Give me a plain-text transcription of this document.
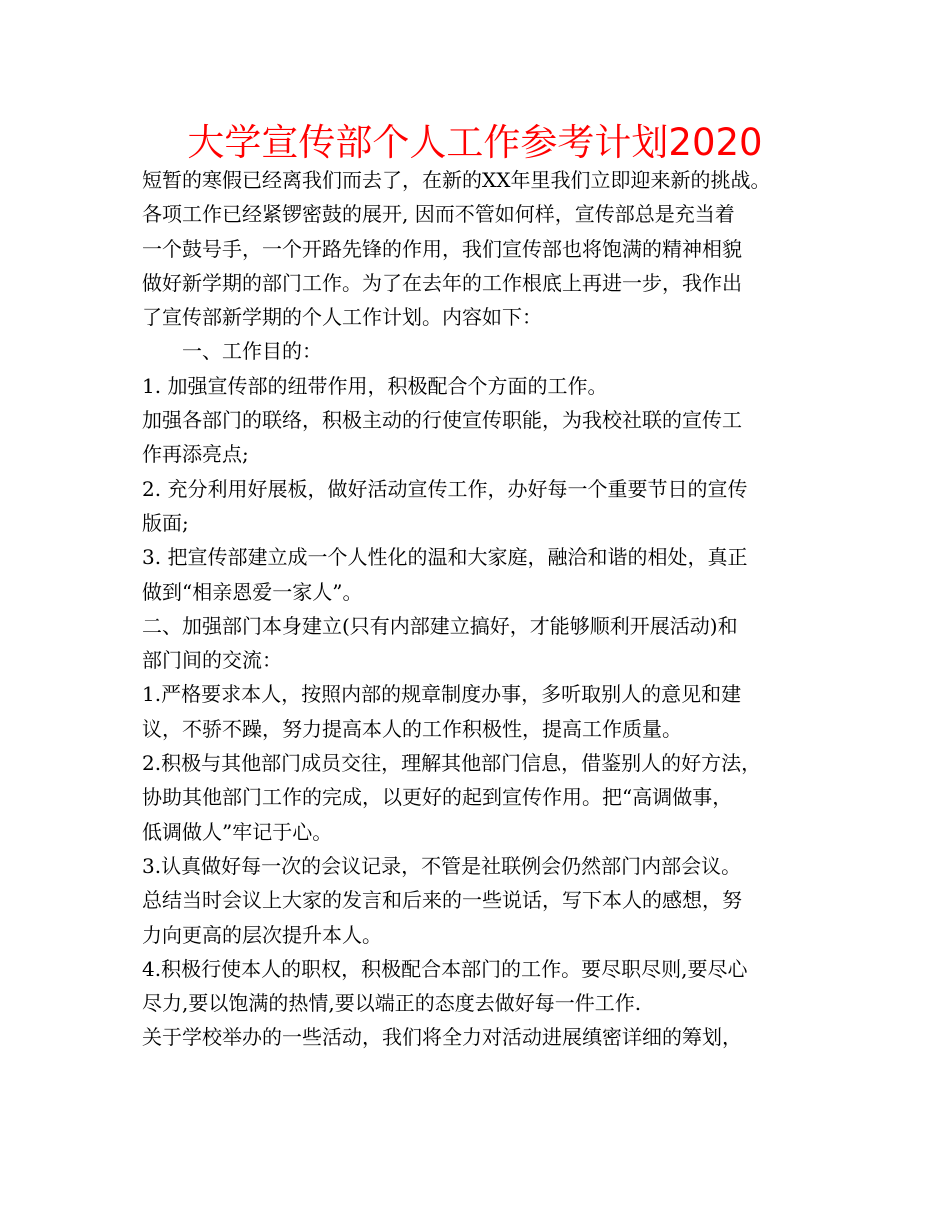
大学宣传部个人工作参考计划2020
短暂的寒假已经离我们而去了，在新的XX年里我们立即迎来新的挑战。
各项工作已经紧锣密鼓的展开, 因而不管如何样，宣传部总是充当着
一个鼓号手，一个开路先锋的作用，我们宣传部也将饱满的精神相貌
做好新学期的部门工作。为了在去年的工作根底上再进一步，我作出
了宣传部新学期的个人工作计划。内容如下：
一、工作目的：
1. 加强宣传部的纽带作用，积极配合个方面的工作。
加强各部门的联络，积极主动的行使宣传职能，为我校社联的宣传工
作再添亮点;
2. 充分利用好展板，做好活动宣传工作，办好每一个重要节日的宣传
版面;
3. 把宣传部建立成一个人性化的温和大家庭，融洽和谐的相处，真正
做到“相亲恩爱一家人”。
二、加强部门本身建立(只有内部建立搞好，才能够顺利开展活动)和
部门间的交流：
1.严格要求本人，按照内部的规章制度办事，多听取别人的意见和建
议，不骄不躁，努力提高本人的工作积极性，提高工作质量。
2.积极与其他部门成员交往，理解其他部门信息，借鉴别人的好方法，
协助其他部门工作的完成，以更好的起到宣传作用。把“高调做事，
低调做人”牢记于心。
3.认真做好每一次的会议记录，不管是社联例会仍然部门内部会议。
总结当时会议上大家的发言和后来的一些说话，写下本人的感想，努
力向更高的层次提升本人。
4.积极行使本人的职权，积极配合本部门的工作。要尽职尽则,要尽心
尽力,要以饱满的热情,要以端正的态度去做好每一件工作.
关于学校举办的一些活动，我们将全力对活动进展缜密详细的筹划，
